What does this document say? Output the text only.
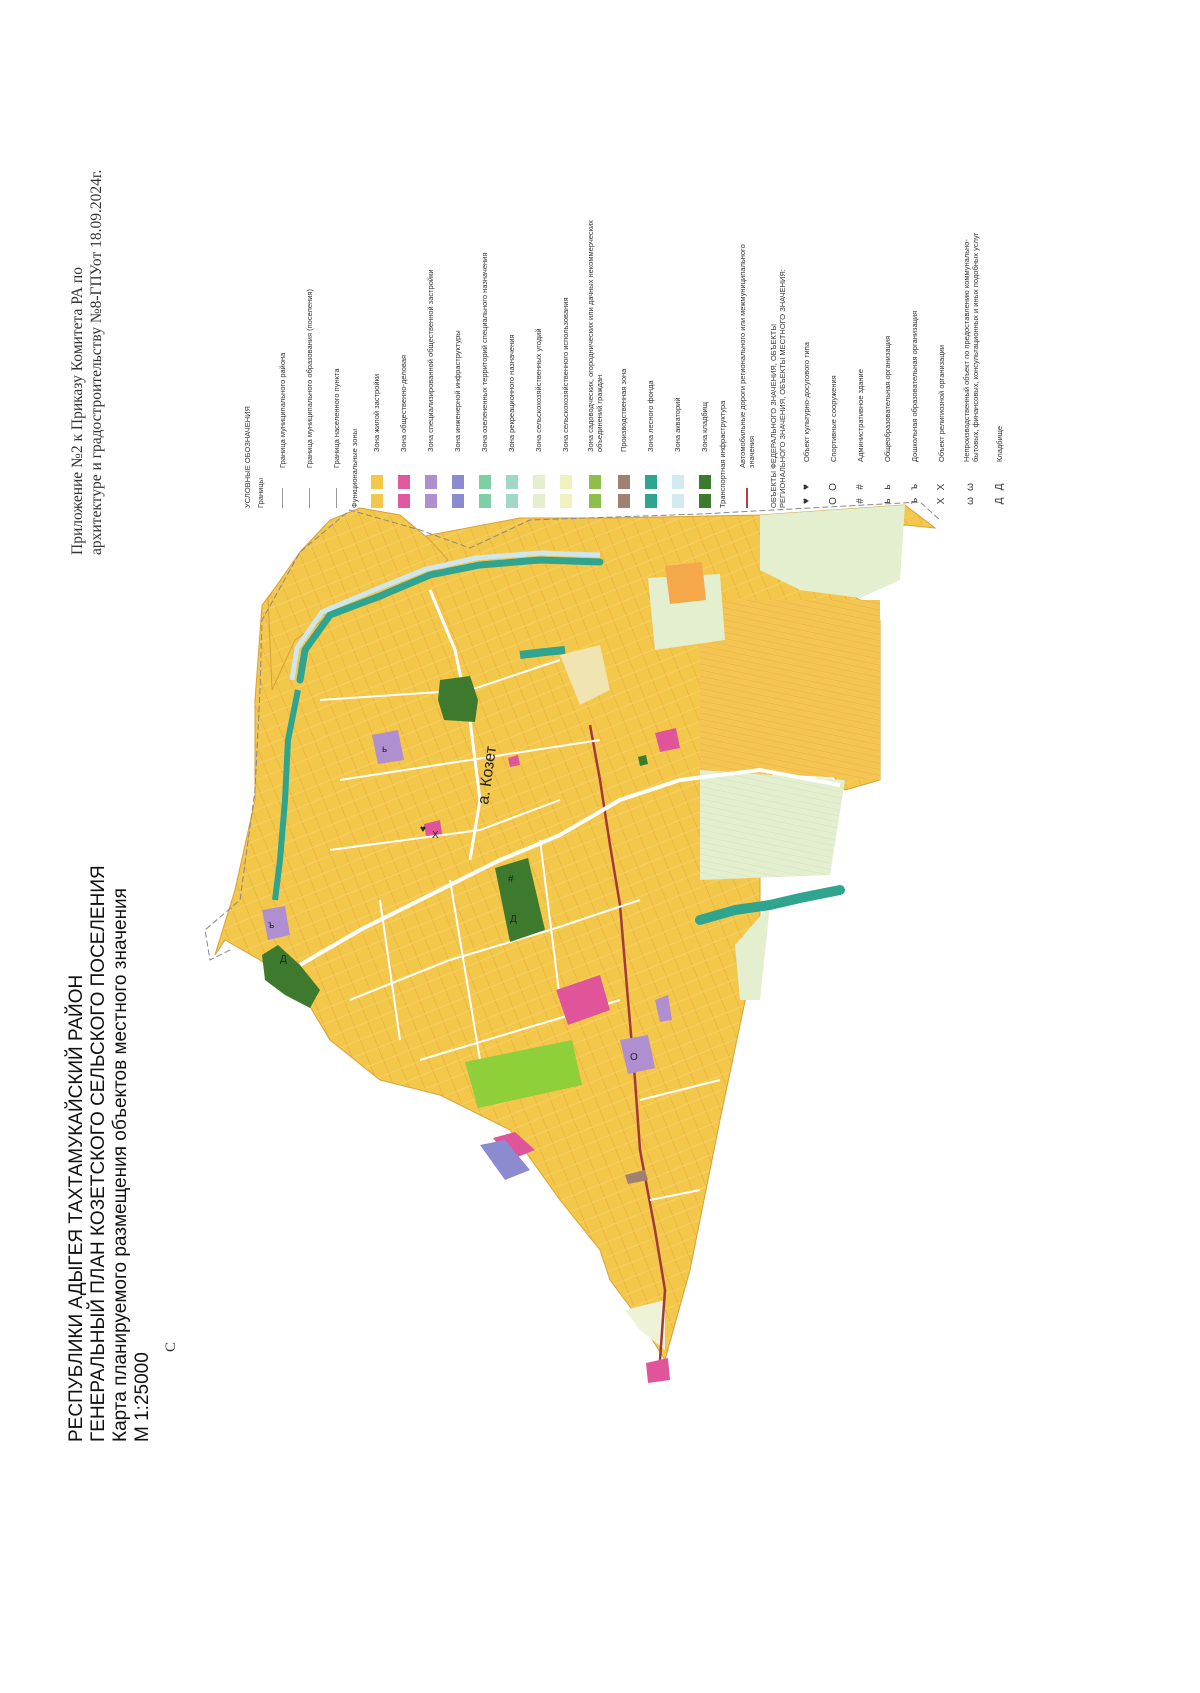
ь
♥
X
#
Д
Д
ъ
O
а. Козет
Приложение №2 к Приказу Комитета РА по архитектуре и градостроительству №8-ГПУот 18.09.2024г.
РЕСПУБЛИКИ АДЫГЕЯ ТАХТАМУКАЙСКИЙ РАЙОН ГЕНЕРАЛЬНЫЙ ПЛАН КОЗЕТСКОГО СЕЛЬСКОГО ПОСЕЛЕНИЯ Карта планируемого размещения объектов местного значения М 1:25000
С
УСЛОВНЫЕ ОБОЗНАЧЕНИЯ Границы
Граница муниципального района Граница муниципального образования (поселения) Граница населенного пункта
Функциональные зоны
Зона жилой застройки Зона общественно-деловая Зона специализированной общественной застройки Зона инженерной инфраструктуры Зона озелененных территорий специального назначения Зона рекреационного назначения Зона сельскохозяйственных угодий Зона сельскохозяйственного использования Зона садоводческих, огороднических или дачных некоммерческих объединений граждан Производственная зона Зона лесного фонда Зона акваторий Зона кладбищ Транспортная инфраструктура	Автомобильные дороги регионального или межмуниципального значения ОБЪЕКТЫ ФЕДЕРАЛЬНОГО ЗНАЧЕНИЯ, ОБЪЕКТЫ РЕГИОНАЛЬНОГО ЗНАЧЕНИЯ, ОБЪЕКТЫ МЕСТНОГО ЗНАЧЕНИЯ: ♥
♥
Объект культурно-досугового типа
O
O
Спортивные сооружения
#
#
Административное здание
ь
ь
Общеобразовательная организация
ъ
ъ
Дошкольная образовательная организация
X
X
Объект религиозной организации
ω
ω
Непроизводственный объект по предоставлению коммунально-бытовых, финансовых, консультационных и иных подобных услуг
Д
Д
Кладбище
